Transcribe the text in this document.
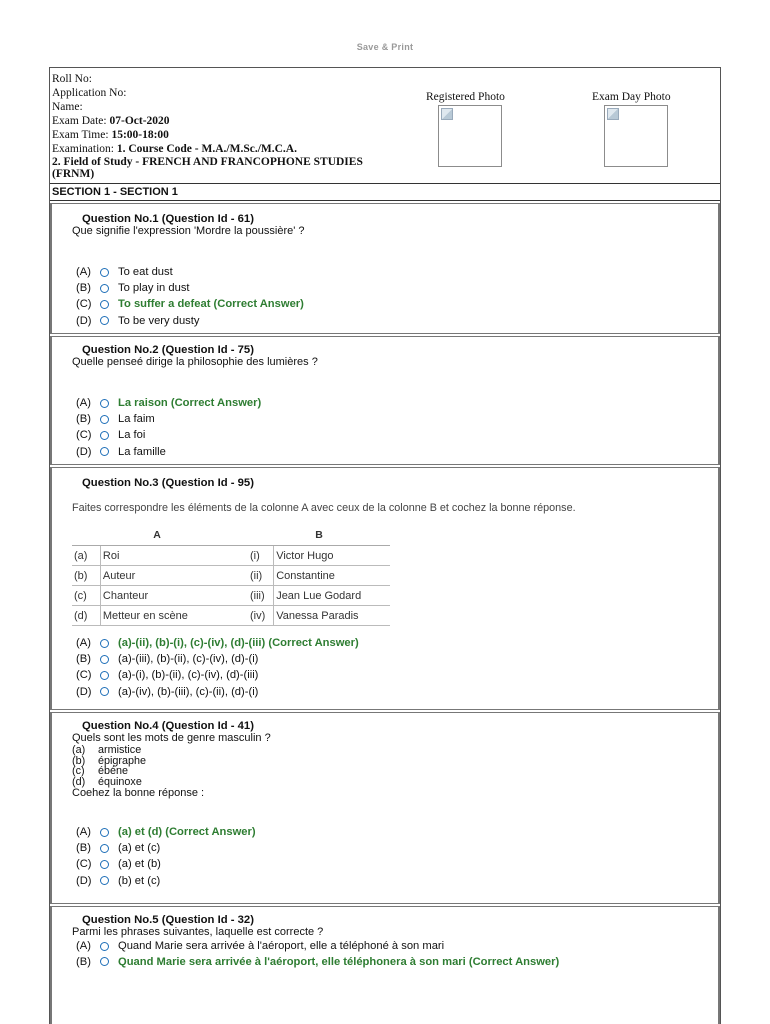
Save & Print
Roll No:
Application No:
Name:
Exam Date: 07-Oct-2020
Exam Time: 15:00-18:00
Examination: 1. Course Code - M.A./M.Sc./M.C.A.
2. Field of Study - FRENCH AND FRANCOPHONE STUDIES (FRNM)
Registered Photo	Exam Day Photo
SECTION 1 - SECTION 1
Question No.1 (Question Id - 61)
Que signifie l'expression 'Mordre la poussière' ?
(A)	To eat dust
(B)	To play in dust
(C)	To suffer a defeat (Correct Answer)
(D)	To be very dusty
Question No.2 (Question Id - 75)
Quelle penseé dirige la philosophie des lumières ?
(A)	La raison (Correct Answer)
(B)	La faim
(C)	La foi
(D)	La famille
Question No.3 (Question Id - 95)
Faites correspondre les éléments de la colonne A avec ceux de la colonne B et cochez la bonne réponse.
A			B	
(a)	Roi		(i)	Victor Hugo
(b)	Auteur		(ii)	Constantine
(c)	Chanteur		(iii)	Jean Lue Godard
(d)	Metteur en scène		(iv)	Vanessa Paradis
(A)	(a)-(ii), (b)-(i), (c)-(iv), (d)-(iii) (Correct Answer)
(B)	(a)-(iii), (b)-(ii), (c)-(iv), (d)-(i)
(C)	(a)-(i), (b)-(ii), (c)-(iv), (d)-(iii)
(D)	(a)-(iv), (b)-(iii), (c)-(ii), (d)-(i)
Question No.4 (Question Id - 41)
Quels sont les mots de genre masculin ?
(a) armistice
(b) épigraphe
(c) ébéne
(d) équinoxe
Coehez la bonne réponse :
(A)	(a) et (d) (Correct Answer)
(B)	(a) et (c)
(C)	(a) et (b)
(D)	(b) et (c)
Question No.5 (Question Id - 32)
Parmi les phrases suivantes, laquelle est correcte ?
(A)	Quand Marie sera arrivée à l'aéroport, elle a téléphoné à son mari
(B)	Quand Marie sera arrivée à l'aéroport, elle téléphonera à son mari (Correct Answer)
